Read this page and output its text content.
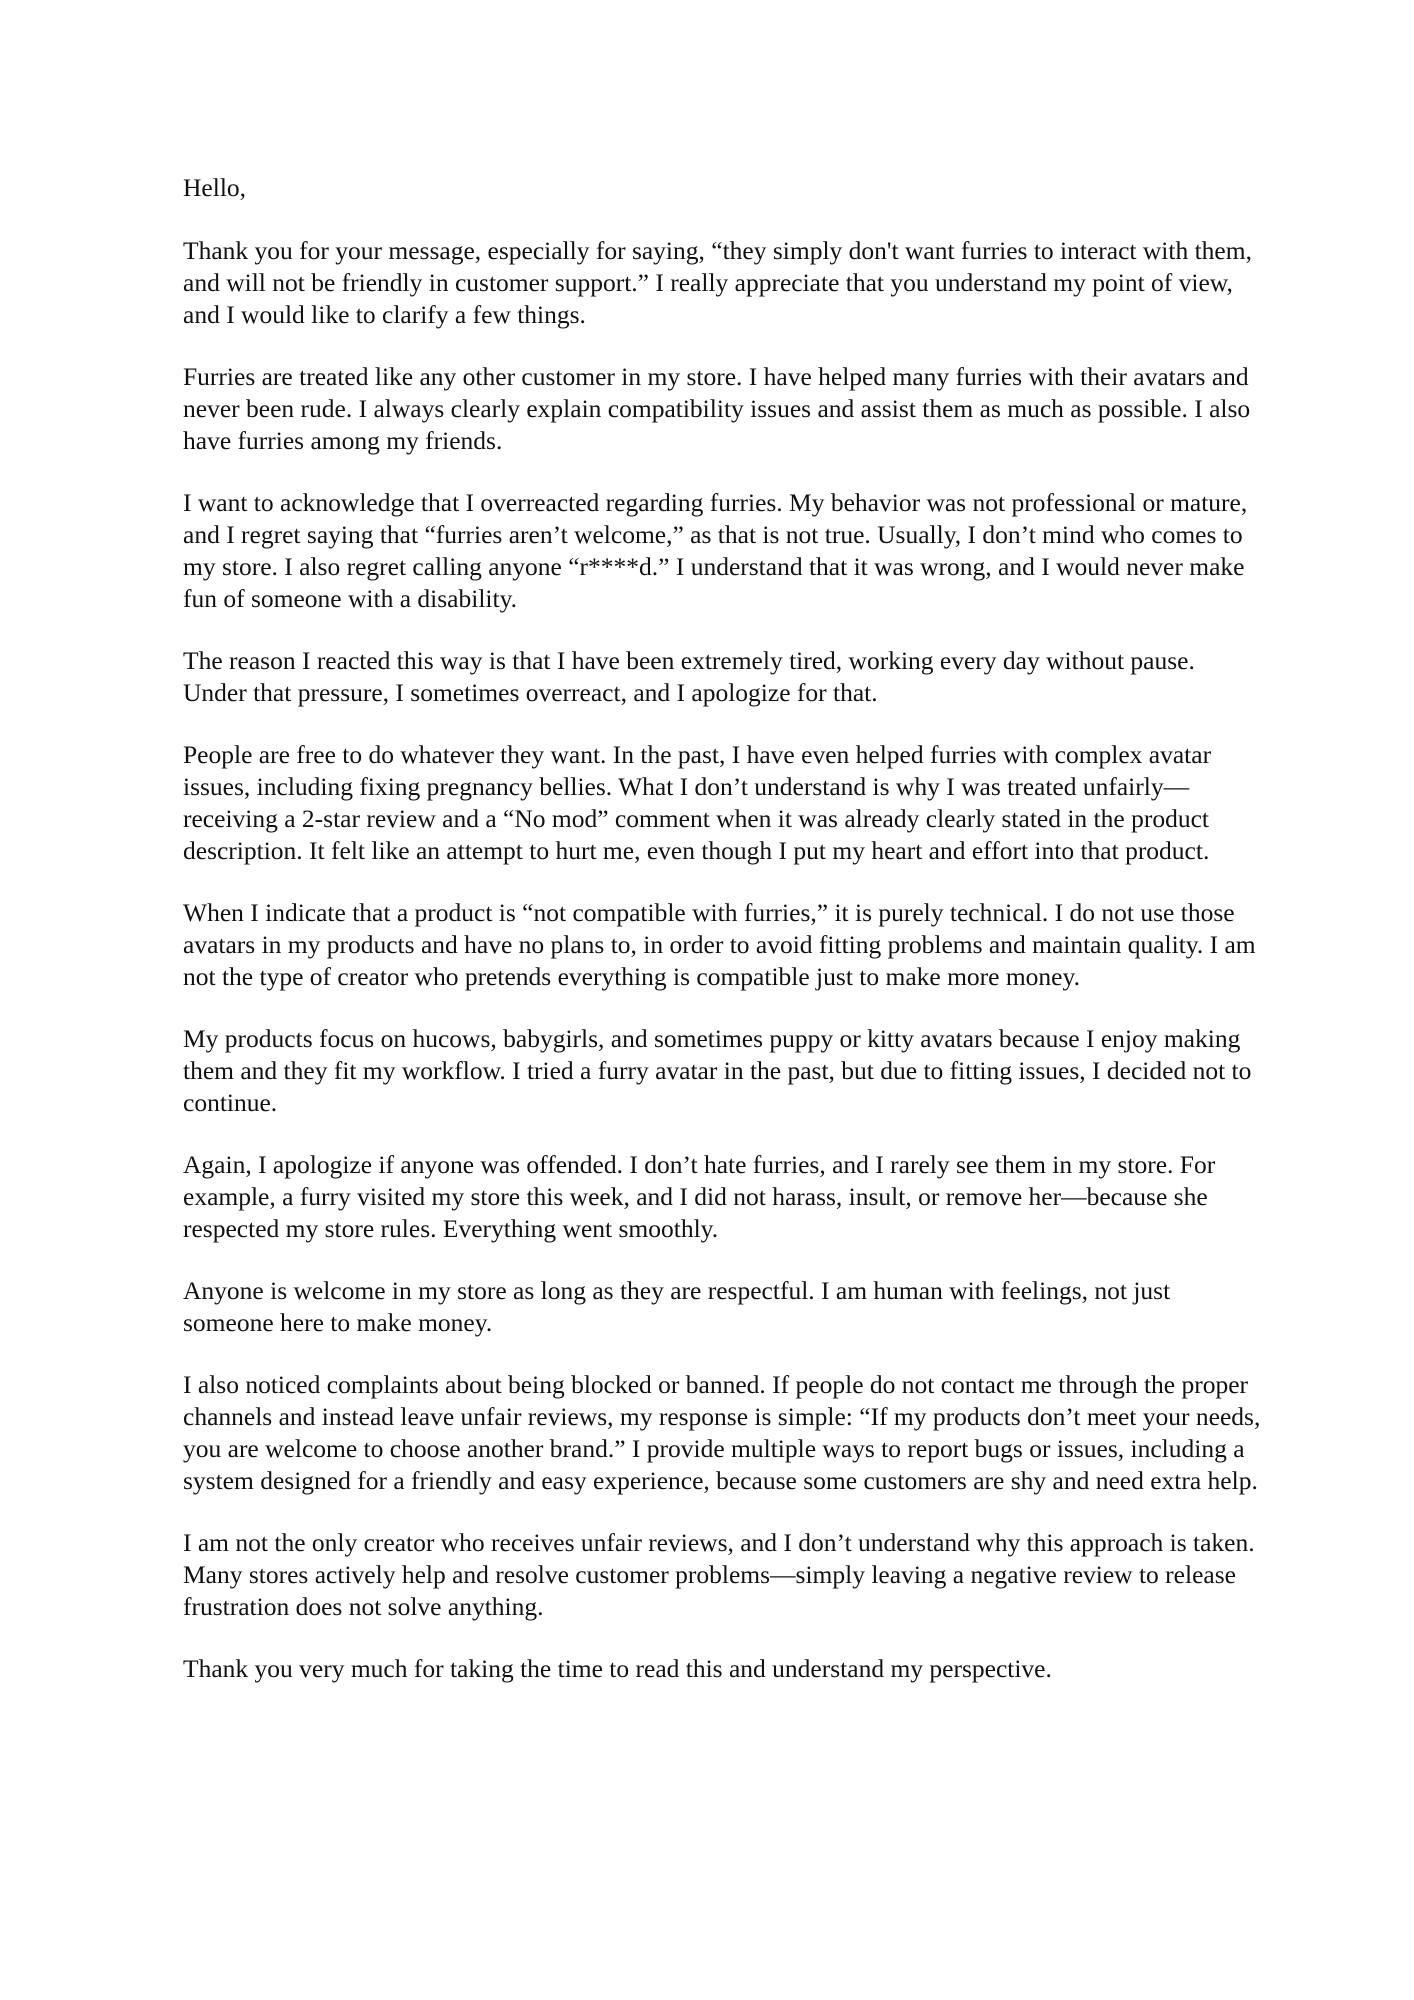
Hello,

Thank you for your message, especially for saying, “they simply don't want furries to interact with them, and will not be friendly in customer support.” I really appreciate that you understand my point of view, and I would like to clarify a few things.

Furries are treated like any other customer in my store. I have helped many furries with their avatars and never been rude. I always clearly explain compatibility issues and assist them as much as possible. I also have furries among my friends.

I want to acknowledge that I overreacted regarding furries. My behavior was not professional or mature, and I regret saying that “furries aren’t welcome,” as that is not true. Usually, I don’t mind who comes to my store. I also regret calling anyone “r****d.” I understand that it was wrong, and I would never make fun of someone with a disability.

The reason I reacted this way is that I have been extremely tired, working every day without pause. Under that pressure, I sometimes overreact, and I apologize for that.

People are free to do whatever they want. In the past, I have even helped furries with complex avatar issues, including fixing pregnancy bellies. What I don’t understand is why I was treated unfairly—receiving a 2-star review and a “No mod” comment when it was already clearly stated in the product description. It felt like an attempt to hurt me, even though I put my heart and effort into that product.

When I indicate that a product is “not compatible with furries,” it is purely technical. I do not use those avatars in my products and have no plans to, in order to avoid fitting problems and maintain quality. I am not the type of creator who pretends everything is compatible just to make more money.

My products focus on hucows, babygirls, and sometimes puppy or kitty avatars because I enjoy making them and they fit my workflow. I tried a furry avatar in the past, but due to fitting issues, I decided not to continue.

Again, I apologize if anyone was offended. I don’t hate furries, and I rarely see them in my store. For example, a furry visited my store this week, and I did not harass, insult, or remove her—because she respected my store rules. Everything went smoothly.

Anyone is welcome in my store as long as they are respectful. I am human with feelings, not just someone here to make money.

I also noticed complaints about being blocked or banned. If people do not contact me through the proper channels and instead leave unfair reviews, my response is simple: “If my products don’t meet your needs, you are welcome to choose another brand.” I provide multiple ways to report bugs or issues, including a system designed for a friendly and easy experience, because some customers are shy and need extra help.

I am not the only creator who receives unfair reviews, and I don’t understand why this approach is taken. Many stores actively help and resolve customer problems—simply leaving a negative review to release frustration does not solve anything.

Thank you very much for taking the time to read this and understand my perspective.
